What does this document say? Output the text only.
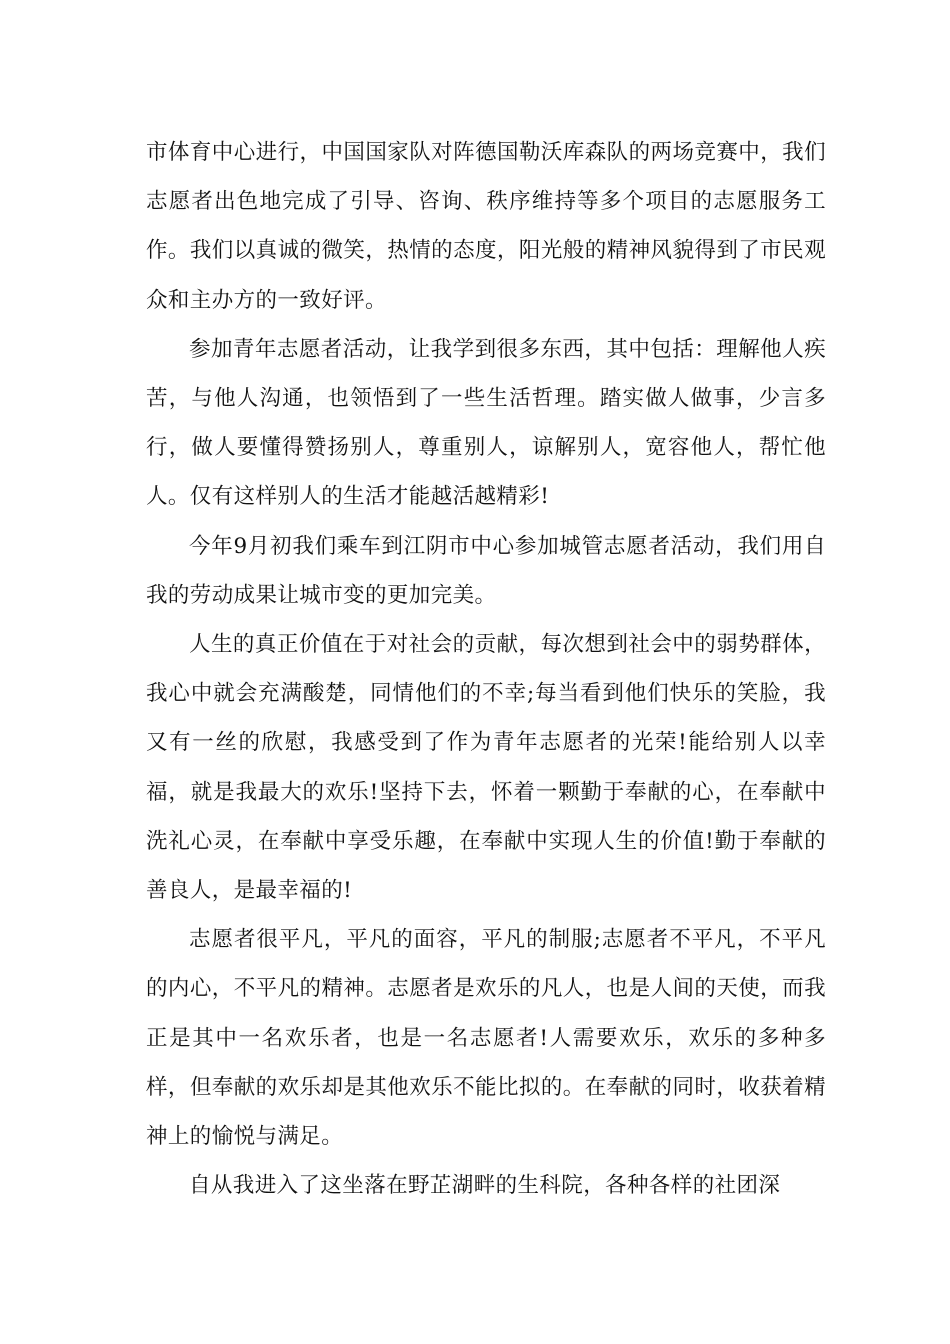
市体育中心进行，中国国家队对阵德国勒沃库森队的两场竞赛中，我们志愿者出色地完成了引导、咨询、秩序维持等多个项目的志愿服务工作。我们以真诚的微笑，热情的态度，阳光般的精神风貌得到了市民观众和主办方的一致好评。

参加青年志愿者活动，让我学到很多东西，其中包括：理解他人疾苦，与他人沟通，也领悟到了一些生活哲理。踏实做人做事，少言多行，做人要懂得赞扬别人，尊重别人，谅解别人，宽容他人，帮忙他人。仅有这样别人的生活才能越活越精彩!

今年9月初我们乘车到江阴市中心参加城管志愿者活动，我们用自我的劳动成果让城市变的更加完美。

人生的真正价值在于对社会的贡献，每次想到社会中的弱势群体，我心中就会充满酸楚，同情他们的不幸;每当看到他们快乐的笑脸，我又有一丝的欣慰，我感受到了作为青年志愿者的光荣!能给别人以幸福，就是我最大的欢乐!坚持下去，怀着一颗勤于奉献的心，在奉献中洗礼心灵，在奉献中享受乐趣，在奉献中实现人生的价值!勤于奉献的善良人，是最幸福的!

志愿者很平凡，平凡的面容，平凡的制服;志愿者不平凡，不平凡的内心，不平凡的精神。志愿者是欢乐的凡人，也是人间的天使，而我正是其中一名欢乐者，也是一名志愿者!人需要欢乐，欢乐的多种多样，但奉献的欢乐却是其他欢乐不能比拟的。在奉献的同时，收获着精神上的愉悦与满足。

自从我进入了这坐落在野芷湖畔的生科院，各种各样的社团深
